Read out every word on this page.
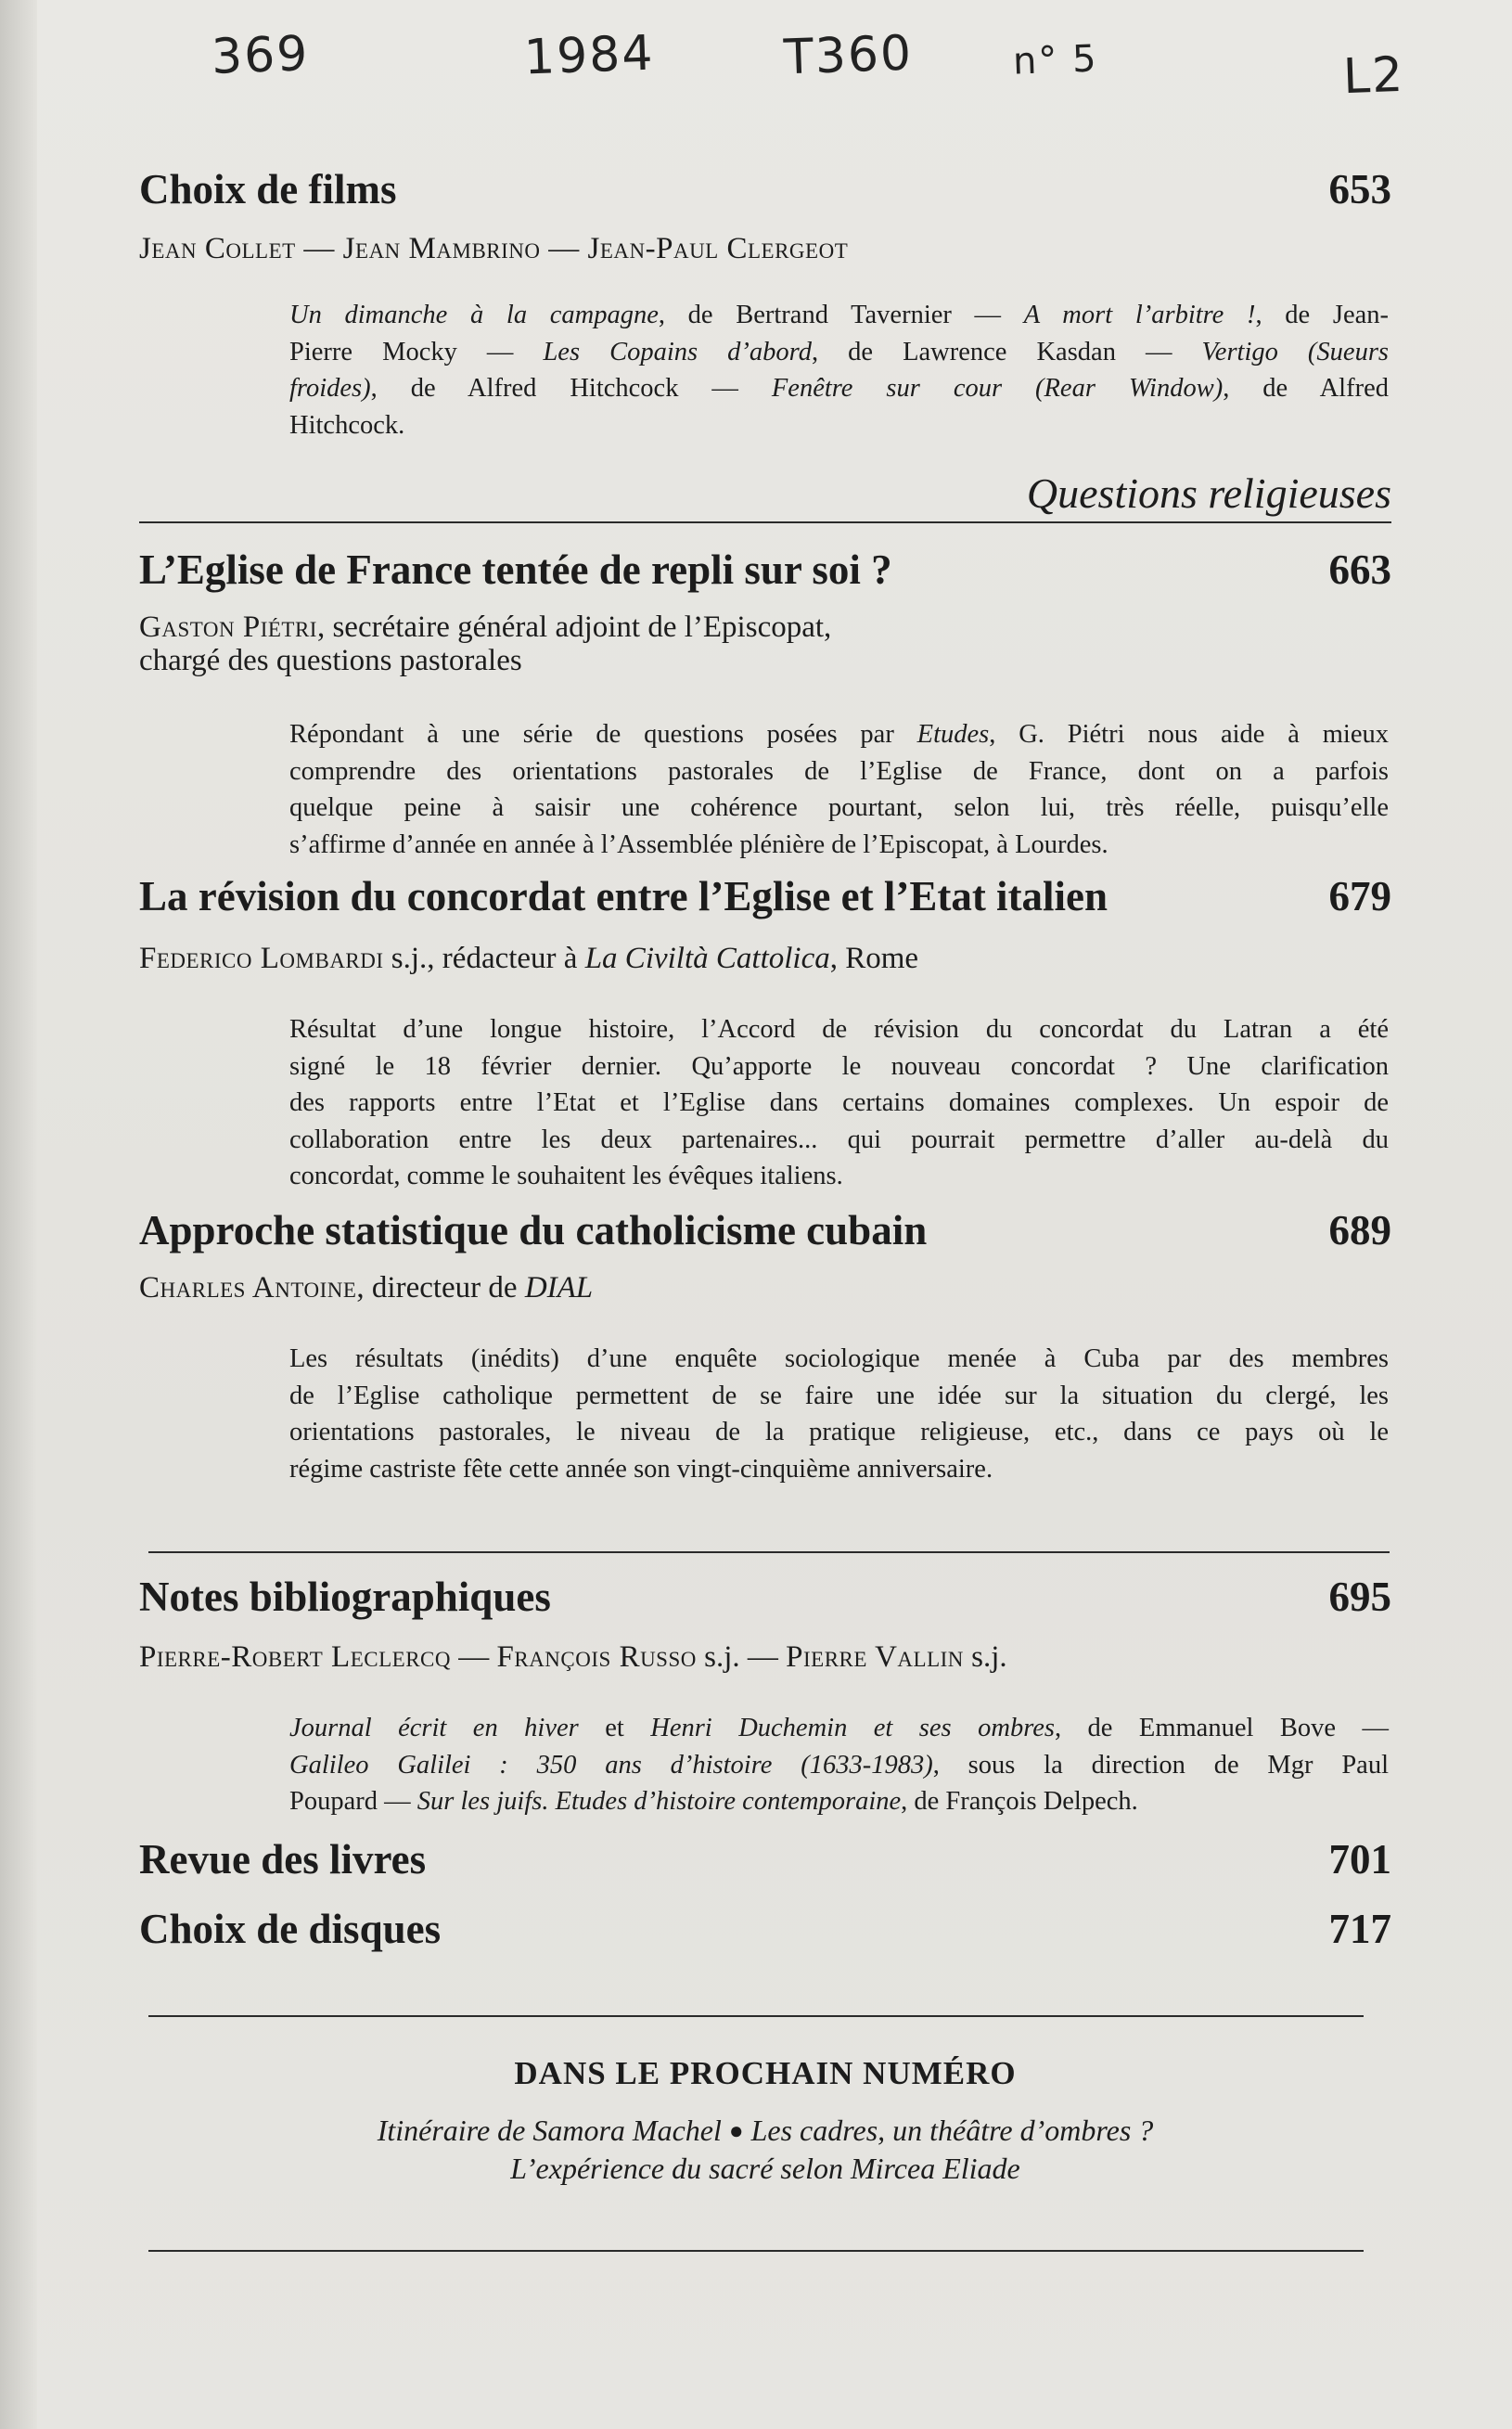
369	1984	T360	n° 5	L2
Choix de films	653
Jean Collet — Jean Mambrino — Jean-Paul Clergeot
Un dimanche à la campagne, de Bertrand Tavernier — A mort l’arbitre !, de Jean-
Pierre Mocky — Les Copains d’abord, de Lawrence Kasdan — Vertigo (Sueurs
froides), de Alfred Hitchcock — Fenêtre sur cour (Rear Window), de Alfred
Hitchcock.
Questions religieuses
L’Eglise de France tentée de repli sur soi ?	663
Gaston Piétri, secrétaire général adjoint de l’Episcopat,
chargé des questions pastorales
Répondant à une série de questions posées par Etudes, G. Piétri nous aide à mieux
comprendre des orientations pastorales de l’Eglise de France, dont on a parfois
quelque peine à saisir une cohérence pourtant, selon lui, très réelle, puisqu’elle
s’affirme d’année en année à l’Assemblée plénière de l’Episcopat, à Lourdes.
La révision du concordat entre l’Eglise et l’Etat italien	679
Federico Lombardi s.j., rédacteur à La Civiltà Cattolica, Rome
Résultat d’une longue histoire, l’Accord de révision du concordat du Latran a été
signé le 18 février dernier. Qu’apporte le nouveau concordat ? Une clarification
des rapports entre l’Etat et l’Eglise dans certains domaines complexes. Un espoir de
collaboration entre les deux partenaires... qui pourrait permettre d’aller au-delà du
concordat, comme le souhaitent les évêques italiens.
Approche statistique du catholicisme cubain	689
Charles Antoine, directeur de DIAL
Les résultats (inédits) d’une enquête sociologique menée à Cuba par des membres
de l’Eglise catholique permettent de se faire une idée sur la situation du clergé, les
orientations pastorales, le niveau de la pratique religieuse, etc., dans ce pays où le
régime castriste fête cette année son vingt-cinquième anniversaire.
Notes bibliographiques	695
Pierre-Robert Leclercq — François Russo s.j. — Pierre Vallin s.j.
Journal écrit en hiver et Henri Duchemin et ses ombres, de Emmanuel Bove —
Galileo Galilei : 350 ans d’histoire (1633-1983), sous la direction de Mgr Paul
Poupard — Sur les juifs. Etudes d’histoire contemporaine, de François Delpech.
Revue des livres	701
Choix de disques	717
DANS LE PROCHAIN NUMÉRO
Itinéraire de Samora Machel ● Les cadres, un théâtre d’ombres ?
L’expérience du sacré selon Mircea Eliade
